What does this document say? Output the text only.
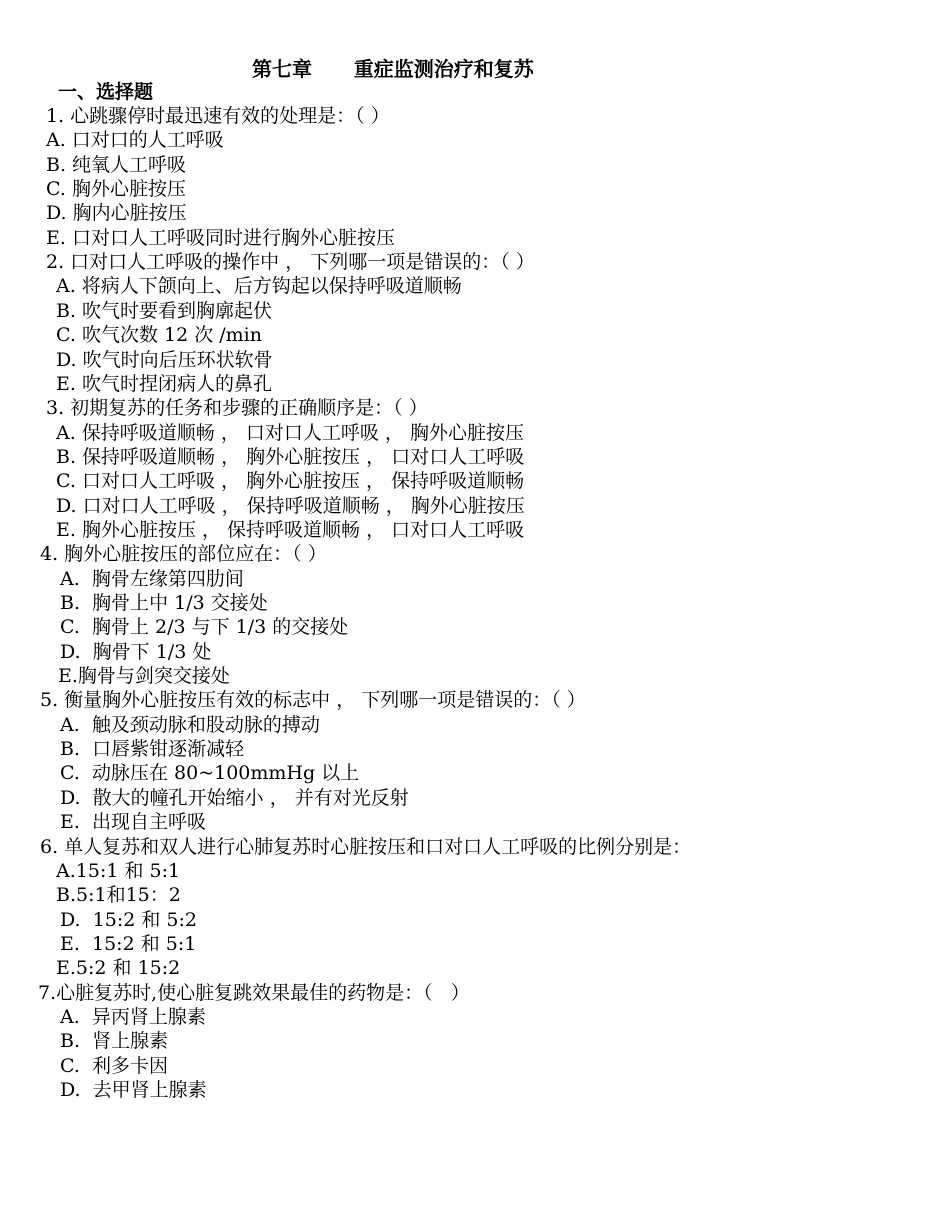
第七章      重症监测治疗和复苏
一、选择题
1. 心跳骤停时最迅速有效的处理是：（ ）
A. 口对口的人工呼吸
B. 纯氧人工呼吸
C. 胸外心脏按压
D. 胸内心脏按压
E. 口对口人工呼吸同时进行胸外心脏按压
2. 口对口人工呼吸的操作中 ， 下列哪一项是错误的：（ ）
A. 将病人下颌向上、后方钩起以保持呼吸道顺畅
B. 吹气时要看到胸廓起伏
C. 吹气次数 12 次 /min
D. 吹气时向后压环状软骨
E. 吹气时捏闭病人的鼻孔
3. 初期复苏的任务和步骤的正确顺序是：（ ）
A. 保持呼吸道顺畅 ， 口对口人工呼吸 ， 胸外心脏按压
B. 保持呼吸道顺畅 ， 胸外心脏按压 ， 口对口人工呼吸
C. 口对口人工呼吸 ， 胸外心脏按压 ， 保持呼吸道顺畅
D. 口对口人工呼吸 ， 保持呼吸道顺畅 ， 胸外心脏按压
E. 胸外心脏按压 ， 保持呼吸道顺畅 ， 口对口人工呼吸
4. 胸外心脏按压的部位应在：（ ）
A.  胸骨左缘第四肋间
B.  胸骨上中 1/3 交接处
C.  胸骨上 2/3 与下 1/3 的交接处
D.  胸骨下 1/3 处
E.胸骨与剑突交接处
5. 衡量胸外心脏按压有效的标志中 ， 下列哪一项是错误的：（ ）
A.  触及颈动脉和股动脉的搏动
B.  口唇紫钳逐渐减轻
C.  动脉压在 80~100mmHg 以上
D.  散大的幢孔开始缩小 ， 并有对光反射
E.  出现自主呼吸
6. 单人复苏和双人进行心肺复苏时心脏按压和口对口人工呼吸的比例分别是：
A.15:1 和 5:1
B.5:1和15：2
D.  15:2 和 5:2
E.  15:2 和 5:1
E.5:2 和 15:2
7.心脏复苏时,使心脏复跳效果最佳的药物是：（   ）
A.  异丙肾上腺素
B.  肾上腺素
C.  利多卡因
D.  去甲肾上腺素
